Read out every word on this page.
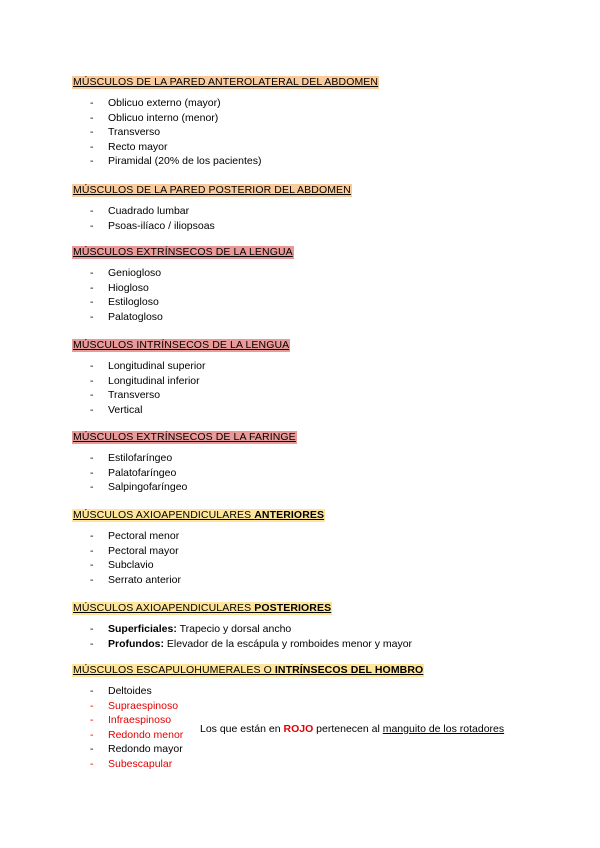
MÚSCULOS DE LA PARED ANTEROLATERAL DEL ABDOMEN
- Oblicuo externo (mayor)
- Oblicuo interno (menor)
- Transverso
- Recto mayor
- Piramidal (20% de los pacientes)
MÚSCULOS DE LA PARED POSTERIOR DEL ABDOMEN
- Cuadrado lumbar
- Psoas-ilíaco / iliopsoas
MÚSCULOS EXTRÍNSECOS DE LA LENGUA
- Geniogloso
- Hiogloso
- Estilogloso
- Palatogloso
MÚSCULOS INTRÍNSECOS DE LA LENGUA
- Longitudinal superior
- Longitudinal inferior
- Transverso
- Vertical
MÚSCULOS EXTRÍNSECOS DE LA FARINGE
- Estilofaríngeo
- Palatofaríngeo
- Salpingofaríngeo
MÚSCULOS AXIOAPENDICULARES ANTERIORES
- Pectoral menor
- Pectoral mayor
- Subclavio
- Serrato anterior
MÚSCULOS AXIOAPENDICULARES POSTERIORES
- Superficiales: Trapecio y dorsal ancho
- Profundos: Elevador de la escápula y romboides menor y mayor
MÚSCULOS ESCAPULOHUMERALES O INTRÍNSECOS DEL HOMBRO
- Deltoides
- Supraespinoso
- Infraespinoso
- Redondo menor
- Redondo mayor
- Subescapular
Los que están en ROJO pertenecen al manguito de los rotadores
